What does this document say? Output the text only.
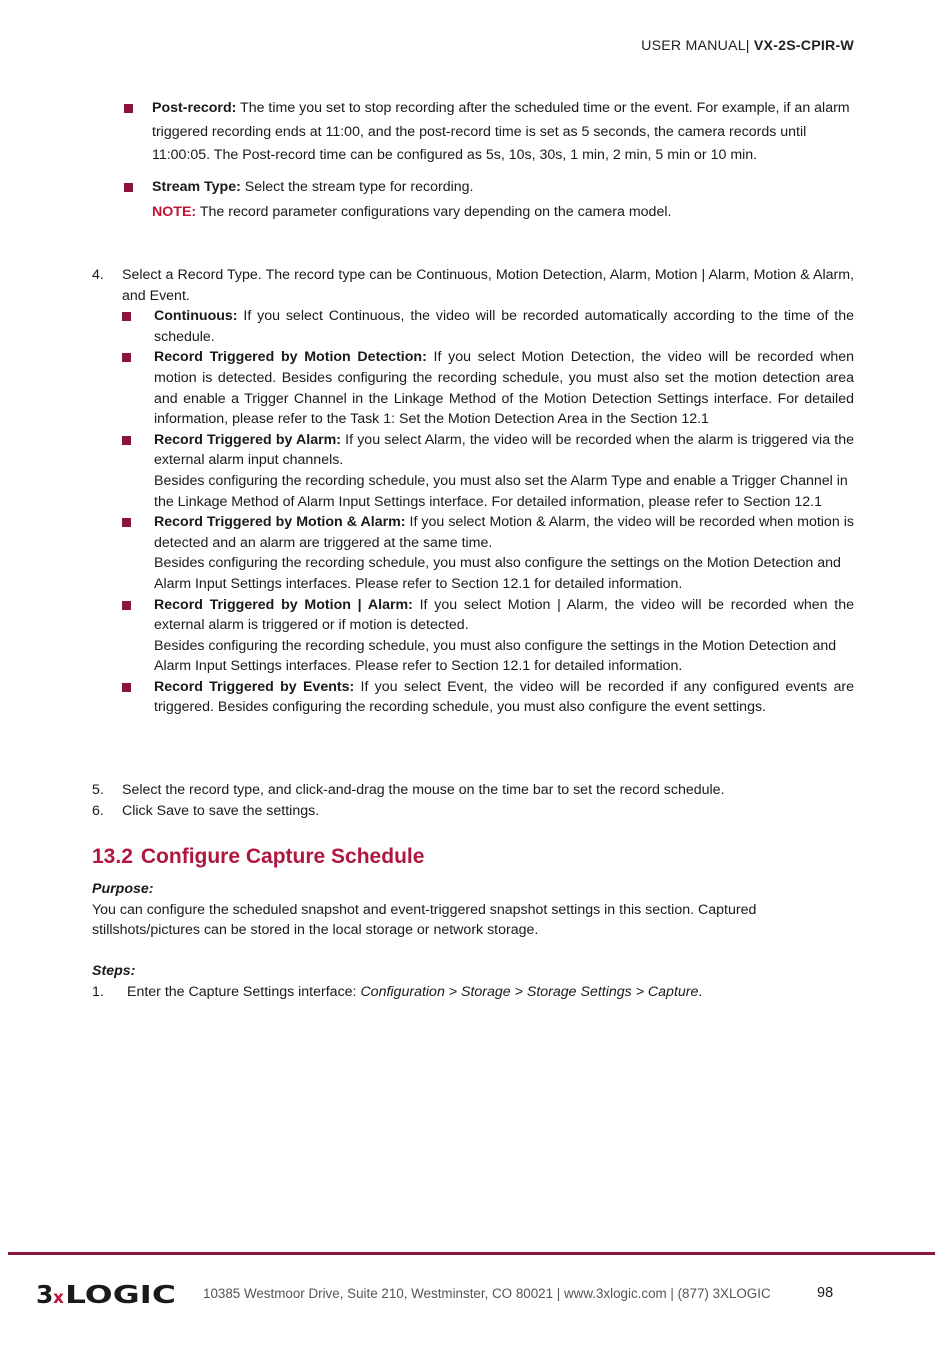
USER MANUAL| VX-2S-CPIR-W
Post-record: The time you set to stop recording after the scheduled time or the event. For example, if an alarm triggered recording ends at 11:00, and the post-record time is set as 5 seconds, the camera records until 11:00:05. The Post-record time can be configured as 5s, 10s, 30s, 1 min, 2 min, 5 min or 10 min.
Stream Type: Select the stream type for recording.
NOTE: The record parameter configurations vary depending on the camera model.
4. Select a Record Type. The record type can be Continuous, Motion Detection, Alarm, Motion | Alarm, Motion & Alarm, and Event.
Continuous: If you select Continuous, the video will be recorded automatically according to the time of the schedule.
Record Triggered by Motion Detection: If you select Motion Detection, the video will be recorded when motion is detected. Besides configuring the recording schedule, you must also set the motion detection area and enable a Trigger Channel in the Linkage Method of the Motion Detection Settings interface. For detailed information, please refer to the Task 1: Set the Motion Detection Area in the Section 12.1
Record Triggered by Alarm: If you select Alarm, the video will be recorded when the alarm is triggered via the external alarm input channels.
Besides configuring the recording schedule, you must also set the Alarm Type and enable a Trigger Channel in the Linkage Method of Alarm Input Settings interface. For detailed information, please refer to Section 12.1
Record Triggered by Motion & Alarm: If you select Motion & Alarm, the video will be recorded when motion is detected and an alarm are triggered at the same time.
Besides configuring the recording schedule, you must also configure the settings on the Motion Detection and Alarm Input Settings interfaces. Please refer to Section 12.1 for detailed information.
Record Triggered by Motion | Alarm: If you select Motion | Alarm, the video will be recorded when the external alarm is triggered or if motion is detected.
Besides configuring the recording schedule, you must also configure the settings in the Motion Detection and Alarm Input Settings interfaces. Please refer to Section 12.1 for detailed information.
Record Triggered by Events: If you select Event, the video will be recorded if any configured events are triggered. Besides configuring the recording schedule, you must also configure the event settings.
5. Select the record type, and click-and-drag the mouse on the time bar to set the record schedule.
6. Click Save to save the settings.
13.2 Configure Capture Schedule
Purpose:
You can configure the scheduled snapshot and event-triggered snapshot settings in this section. Captured stillshots/pictures can be stored in the local storage or network storage.
Steps:
1. Enter the Capture Settings interface: Configuration > Storage > Storage Settings > Capture.
3 x LOGIC 10385 Westmoor Drive, Suite 210, Westminster, CO 80021 | www.3xlogic.com | (877) 3XLOGIC	98
